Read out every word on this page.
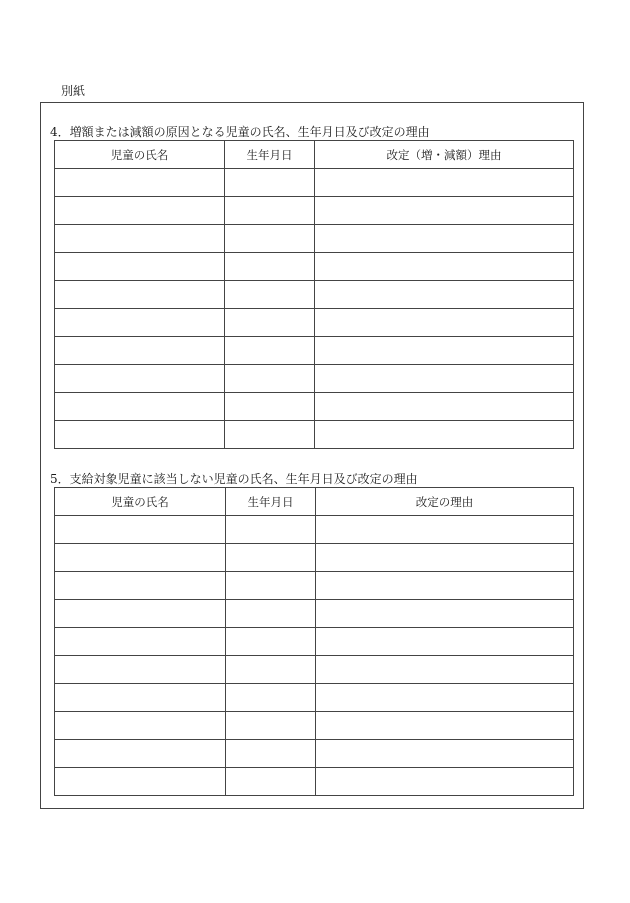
別紙
4．増額または減額の原因となる児童の氏名、生年月日及び改定の理由
児童の氏名	生年月日	改定（増・減額）理由

5．支給対象児童に該当しない児童の氏名、生年月日及び改定の理由
児童の氏名	生年月日	改定の理由
